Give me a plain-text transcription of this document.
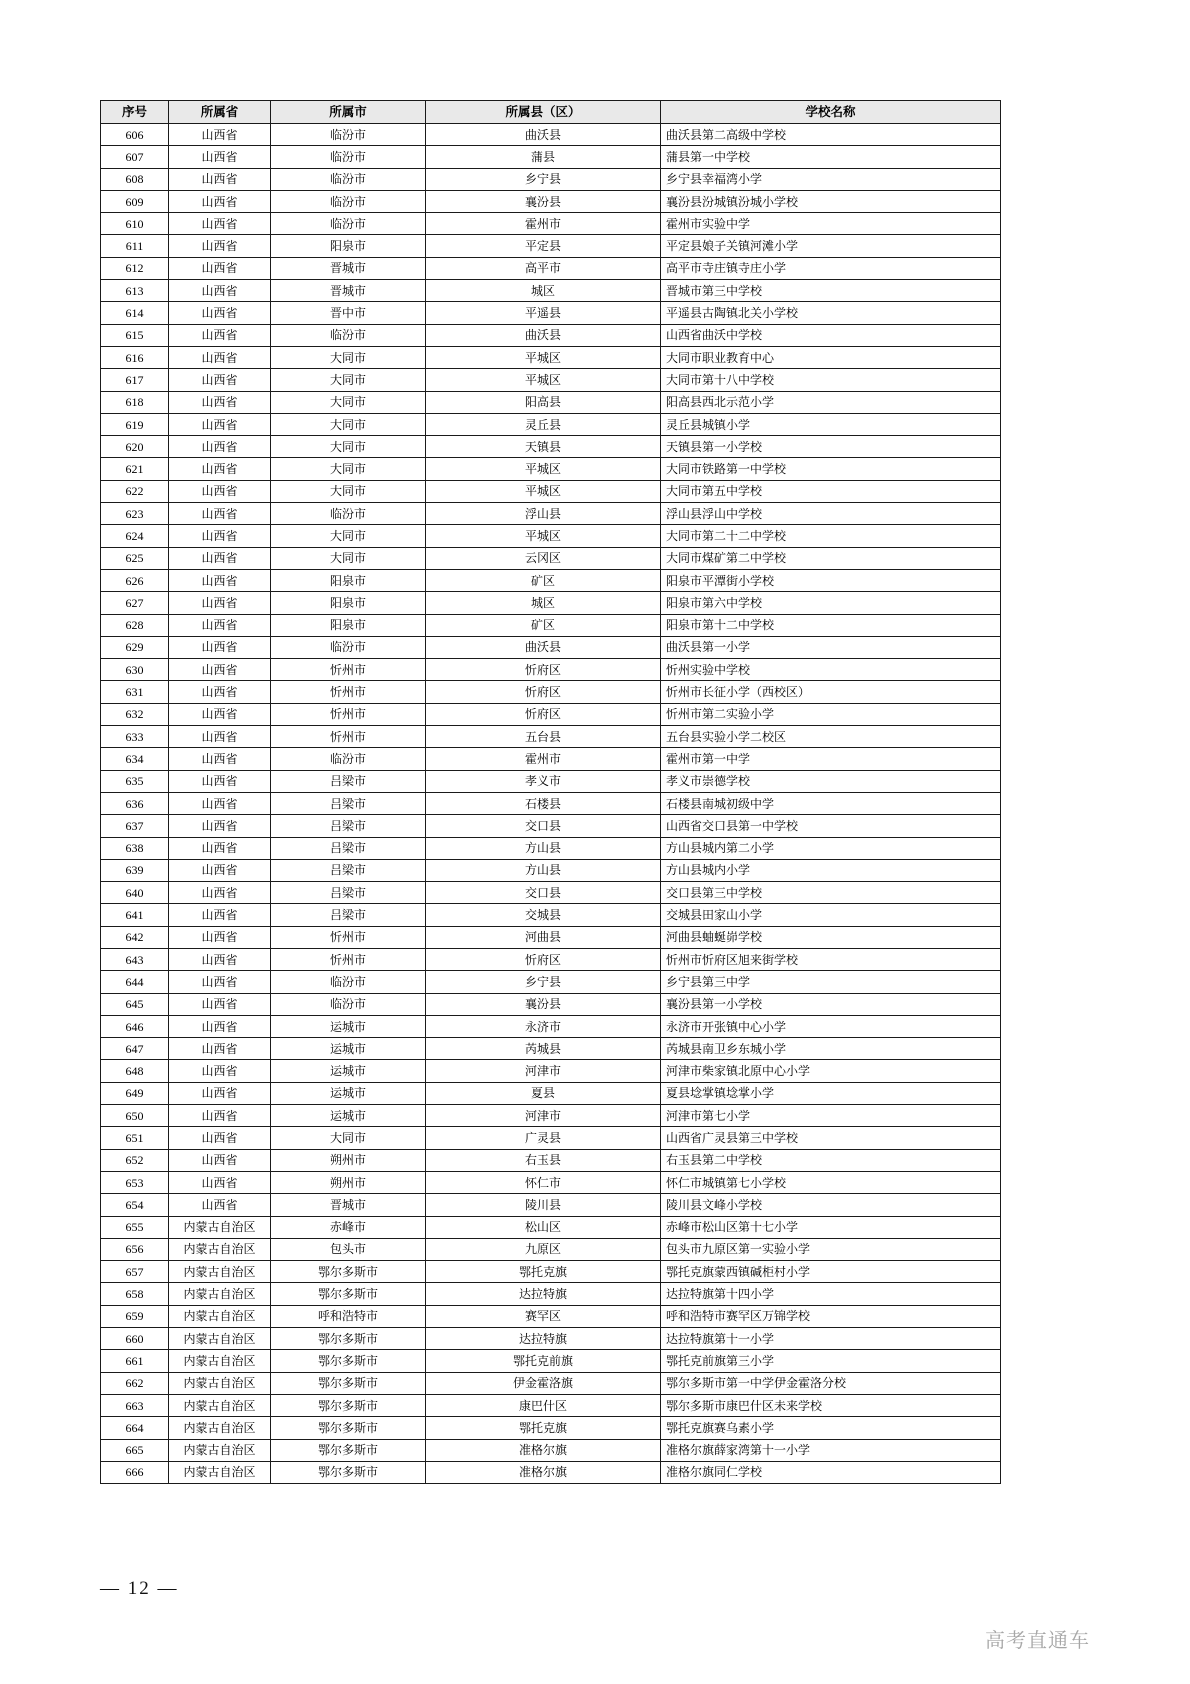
序号	所属省	所属市	所属县（区）	学校名称
606	山西省	临汾市	曲沃县	曲沃县第二高级中学校
607	山西省	临汾市	蒲县	蒲县第一中学校
608	山西省	临汾市	乡宁县	乡宁县幸福湾小学
609	山西省	临汾市	襄汾县	襄汾县汾城镇汾城小学校
610	山西省	临汾市	霍州市	霍州市实验中学
611	山西省	阳泉市	平定县	平定县娘子关镇河滩小学
612	山西省	晋城市	高平市	高平市寺庄镇寺庄小学
613	山西省	晋城市	城区	晋城市第三中学校
614	山西省	晋中市	平遥县	平遥县古陶镇北关小学校
615	山西省	临汾市	曲沃县	山西省曲沃中学校
616	山西省	大同市	平城区	大同市职业教育中心
617	山西省	大同市	平城区	大同市第十八中学校
618	山西省	大同市	阳高县	阳高县西北示范小学
619	山西省	大同市	灵丘县	灵丘县城镇小学
620	山西省	大同市	天镇县	天镇县第一小学校
621	山西省	大同市	平城区	大同市铁路第一中学校
622	山西省	大同市	平城区	大同市第五中学校
623	山西省	临汾市	浮山县	浮山县浮山中学校
624	山西省	大同市	平城区	大同市第二十二中学校
625	山西省	大同市	云冈区	大同市煤矿第二中学校
626	山西省	阳泉市	矿区	阳泉市平潭街小学校
627	山西省	阳泉市	城区	阳泉市第六中学校
628	山西省	阳泉市	矿区	阳泉市第十二中学校
629	山西省	临汾市	曲沃县	曲沃县第一小学
630	山西省	忻州市	忻府区	忻州实验中学校
631	山西省	忻州市	忻府区	忻州市长征小学（西校区）
632	山西省	忻州市	忻府区	忻州市第二实验小学
633	山西省	忻州市	五台县	五台县实验小学二校区
634	山西省	临汾市	霍州市	霍州市第一中学
635	山西省	吕梁市	孝义市	孝义市崇德学校
636	山西省	吕梁市	石楼县	石楼县南城初级中学
637	山西省	吕梁市	交口县	山西省交口县第一中学校
638	山西省	吕梁市	方山县	方山县城内第二小学
639	山西省	吕梁市	方山县	方山县城内小学
640	山西省	吕梁市	交口县	交口县第三中学校
641	山西省	吕梁市	交城县	交城县田家山小学
642	山西省	忻州市	河曲县	河曲县蚰蜒峁学校
643	山西省	忻州市	忻府区	忻州市忻府区旭来街学校
644	山西省	临汾市	乡宁县	乡宁县第三中学
645	山西省	临汾市	襄汾县	襄汾县第一小学校
646	山西省	运城市	永济市	永济市开张镇中心小学
647	山西省	运城市	芮城县	芮城县南卫乡东城小学
648	山西省	运城市	河津市	河津市柴家镇北原中心小学
649	山西省	运城市	夏县	夏县埝掌镇埝掌小学
650	山西省	运城市	河津市	河津市第七小学
651	山西省	大同市	广灵县	山西省广灵县第三中学校
652	山西省	朔州市	右玉县	右玉县第二中学校
653	山西省	朔州市	怀仁市	怀仁市城镇第七小学校
654	山西省	晋城市	陵川县	陵川县文峰小学校
655	内蒙古自治区	赤峰市	松山区	赤峰市松山区第十七小学
656	内蒙古自治区	包头市	九原区	包头市九原区第一实验小学
657	内蒙古自治区	鄂尔多斯市	鄂托克旗	鄂托克旗蒙西镇碱柜村小学
658	内蒙古自治区	鄂尔多斯市	达拉特旗	达拉特旗第十四小学
659	内蒙古自治区	呼和浩特市	赛罕区	呼和浩特市赛罕区万锦学校
660	内蒙古自治区	鄂尔多斯市	达拉特旗	达拉特旗第十一小学
661	内蒙古自治区	鄂尔多斯市	鄂托克前旗	鄂托克前旗第三小学
662	内蒙古自治区	鄂尔多斯市	伊金霍洛旗	鄂尔多斯市第一中学伊金霍洛分校
663	内蒙古自治区	鄂尔多斯市	康巴什区	鄂尔多斯市康巴什区未来学校
664	内蒙古自治区	鄂尔多斯市	鄂托克旗	鄂托克旗赛乌素小学
665	内蒙古自治区	鄂尔多斯市	准格尔旗	准格尔旗薛家湾第十一小学
666	内蒙古自治区	鄂尔多斯市	准格尔旗	准格尔旗同仁学校
— 12 —
高考直通车
